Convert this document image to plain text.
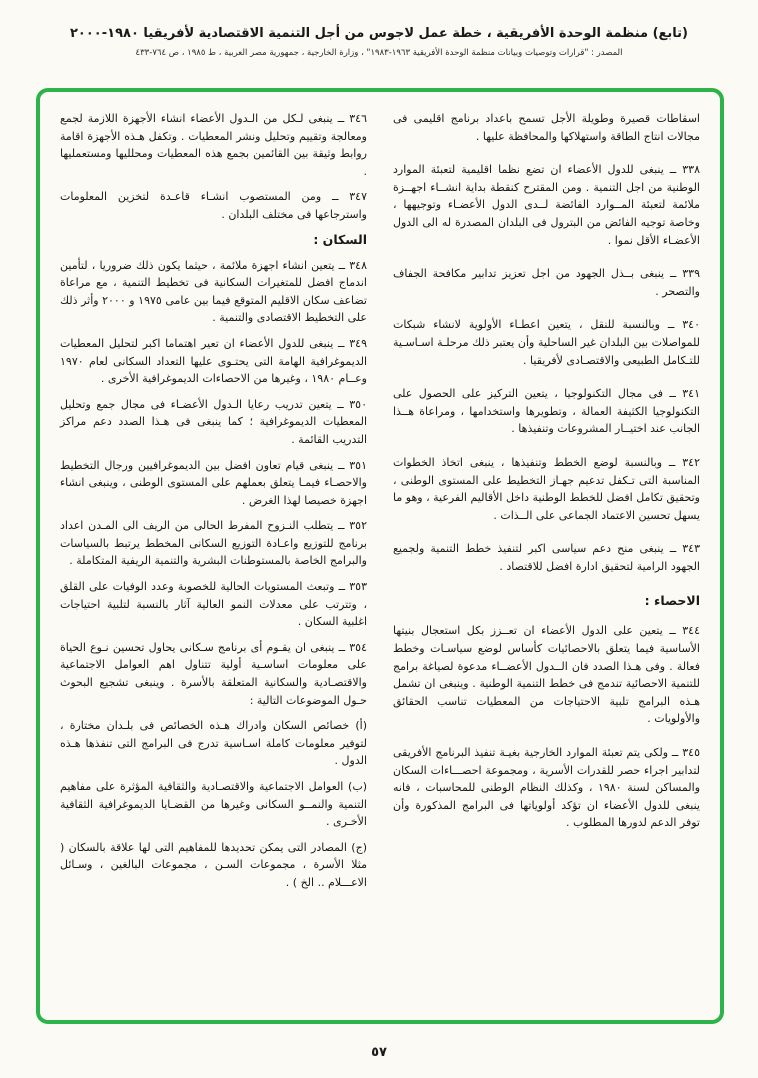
(تابع) منظمة الوحدة الأفريقية ، خطة عمل لاجوس من أجل التنمية الاقتصادية لأفريقيا ١٩٨٠-٢٠٠٠
المصدر : "قرارات وتوصيات وبيانات منظمة الوحدة الأفريقية ١٩٦٣-١٩٨٣" ، وزارة الخارجية ، جمهورية مصر العربية ، ط ١٩٨٥ ، ص ٧٦٤-٤٣٣

اسقاطات قصيرة وطويلة الأجل تسمح باعداد برنامج اقليمى فى مجالات انتاج الطاقة واستهلاكها والمحافظة عليها .

٣٣٨ ــ ينبغى للدول الأعضاء ان تضع نظما اقليمية لتعبئة الموارد الوطنية من اجل التنمية . ومن المقترح كنقطة بداية انشــاء اجهــزة ملائمة لتعبئة المــوارد الفائضة لــدى الدول الأعضـاء وتوجيهها ، وخاصة توجيه الفائض من البترول فى البلدان المصدرة له الى الدول الأعضـاء الأقل نموا .

٣٣٩ ــ ينبغى بــذل الجهود من اجل تعزيز تدابير مكافحة الجفاف والتصحر .

٣٤٠ ــ وبالنسبة للنقل ، يتعين اعطـاء الأولوية لانشاء شبكات للمواصلات بين البلدان غير الساحلية وأن يعتبر ذلك مرحلـة اسـاسـية للتـكامل الطبيعى والاقتصـادى لأفريقيا .

٣٤١ ــ فى مجال التكنولوجيا ، يتعين التركيز على الحصول على التكنولوجيا الكثيفة العمالة ، وتطويرها واستخدامها ، ومراعاة هــذا الجانب عند اختيــار المشروعات وتنفيذها .

٣٤٢ ــ وبالنسبة لوضع الخطط وتنفيذها ، ينبغى اتخاذ الخطوات المناسبة التى تـكفل تدعيم جهـاز التخطيط على المستوى الوطنى ، وتحقيق تكامل افضل للخطط الوطنية داخل الأقاليم الفرعية ، وهو ما يسهل تحسين الاعتماد الجماعى على الــذات .

٣٤٣ ــ ينبغى منح دعم سياسى اكبر لتنفيذ خطط التنمية ولجميع الجهود الرامية لتحقيق ادارة افضل للاقتصاد .

الاحصاء :

٣٤٤ ــ يتعين على الدول الأعضاء ان تعــزز بكل استعجال بنيتها الأساسية فيما يتعلق بالاحصائيات كأساس لوضع سياسـات وخطط فعالة . وفى هـذا الصدد فان الــدول الأعضــاء مدعوة لصياغة برامج للتنمية الاحصائية تندمج فى خطط التنمية الوطنية . وينبغى ان تشمل هـذه البرامج تلبية الاحتياجات من المعطيات تناسب الحقائق والأولويات .

٣٤٥ ــ ولكى يتم تعبئة الموارد الخارجية بغيـة تنفيذ البرنامج الأفريقى لتدابير اجراء حصر للقدرات الأسرية ، ومجموعة احصـــاءات السكان والمساكن لسنة ١٩٨٠ ، وكذلك النظام الوطنى للمحاسبات ، فانه ينبغى للدول الأعضاء ان تؤكد أولوياتها فى البرامج المذكورة وأن توفر الدعم لدورها المطلوب .

٣٤٦ ــ ينبغى لـكل من الـدول الأعضاء انشاء الأجهزة اللازمة لجمع ومعالجة وتقييم وتحليل ونشر المعطيات . وتكفل هـذه الأجهزة اقامة روابط وثيقة بين القائمين بجمع هذه المعطيات ومحلليها ومستعمليها .

٣٤٧ ــ ومن المستصوب انشـاء قاعـدة لتخزين المعلومات واسترجاعها فى مختلف البلدان .

السكان :

٣٤٨ ــ يتعين انشاء اجهزة ملائمة ، حيثما يكون ذلك ضروريا ، لتأمين اندماج افضل للمتغيرات السكانية فى تخطيط التنمية ، مع مراعاة تضاعف سكان الاقليم المتوقع فيما بين عامى ١٩٧٥ و ٢٠٠٠ وأثر ذلك على التخطيط الاقتصادى والتنمية .

٣٤٩ ــ ينبغى للدول الأعضاء ان تعير اهتماما اكبر لتحليل المعطيات الديموغرافية الهامة التى يحتـوى عليها التعداد السكانى لعام ١٩٧٠ وعــام ١٩٨٠ ، وغيرها من الاحصاءات الديموغرافية الأخرى .

٣٥٠ ــ يتعين تدريب رعايا الـدول الأعضـاء فى مجال جمع وتحليل المعطيات الديموغرافية ؛ كما ينبغى فى هـذا الصدد دعم مراكز التدريب القائمة .

٣٥١ ــ ينبغى قيام تعاون افضل بين الديموغرافيين ورجال التخطيط والاحصـاء فيمـا يتعلق بعملهم على المستوى الوطنى ، وينبغى انشاء اجهزة خصيصا لهذا الغرض .

٣٥٢ ــ يتطلب النـزوح المفرط الحالى من الريف الى المـدن اعداد برنامج للتوزيع واعـادة التوزيع السكانى المخطط يرتبط بالسياسات والبرامج الخاصة بالمستوطنات البشرية والتنمية الريفية المتكاملة .

٣٥٣ ــ وتبعث المستويات الحالية للخصوبة وعدد الوفيات على القلق ، وتترتب على معدلات النمو العالية آثار بالنسبة لتلبية احتياجات اغلبية السكان .

٣٥٤ ــ ينبغى ان يقـوم أى برنامج سـكانى يحاول تحسين نـوع الحياة على معلومات اساسـية أولية تتناول اهم العوامل الاجتماعية والاقتصـادية والسكانية المتعلقة بالأسرة . وينبغى تشجيع البحوث حـول الموضوعات التالية :

(أ) خصائص السكان وادراك هـذه الخصائص فى بلـدان مختارة ، لتوفير معلومات كاملة اسـاسية تدرج فى البرامج التى تنفذها هـذه الدول .

(ب) العوامل الاجتماعية والاقتصـادية والثقافية المؤثرة على مفاهيم التنمية والنمــو السكانى وغيرها من القضـايا الديموغرافية الثقافية الأخـرى .

(ج) المصادر التى يمكن تحديدها للمفاهيم التى لها علاقة بالسكان ( مثلا الأسرة ، مجموعات السـن ، مجموعات البالغين ، وسـائل الاعـــلام .. الخ ) .

٥٧
